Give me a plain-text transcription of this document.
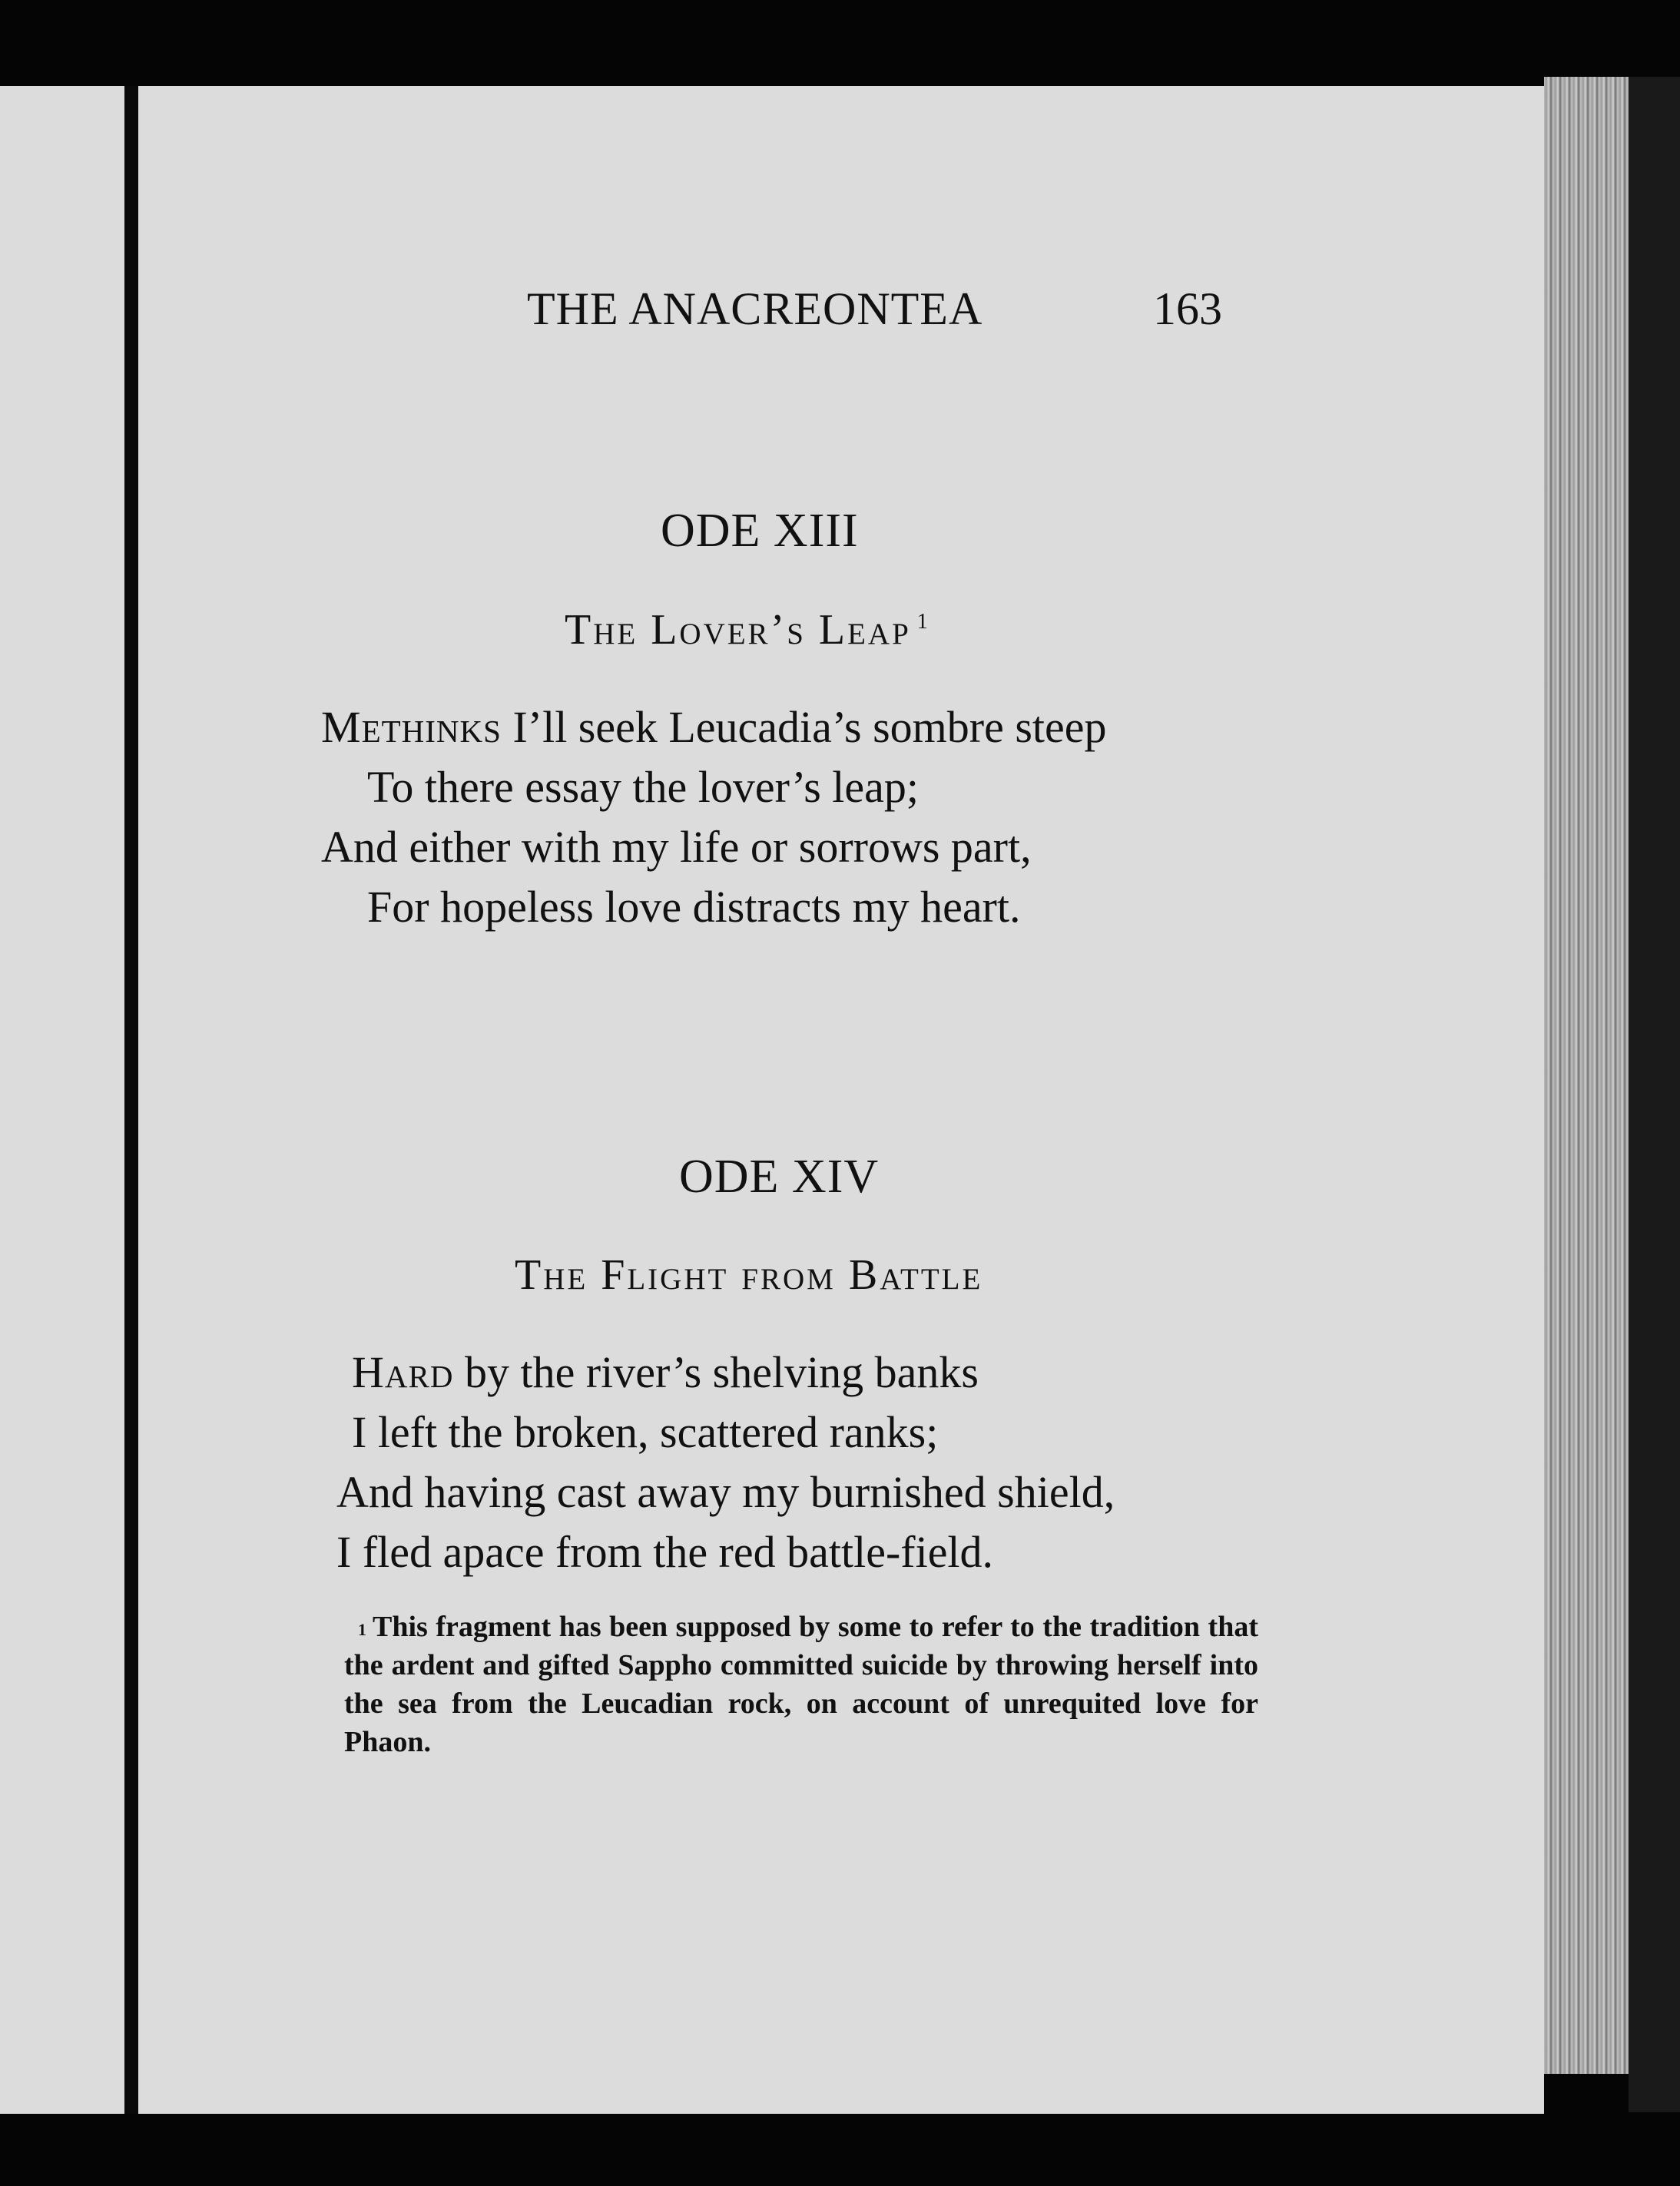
THE ANACREONTEA	163
ODE XIII
The Lover’s Leap $^1$
Methinks I’ll seek Leucadia’s sombre steep
To there essay the lover’s leap;
And either with my life or sorrows part,
For hopeless love distracts my heart.
ODE XIV
The Flight from Battle
Hard by the river’s shelving banks
I left the broken, scattered ranks;
And having cast away my burnished shield,
I fled apace from the red battle-field.
$^1$ This fragment has been supposed by some to refer to the tradition that the ardent and gifted Sappho committed suicide by throwing herself into the sea from the Leucadian rock, on account of unrequited love for Phaon.
